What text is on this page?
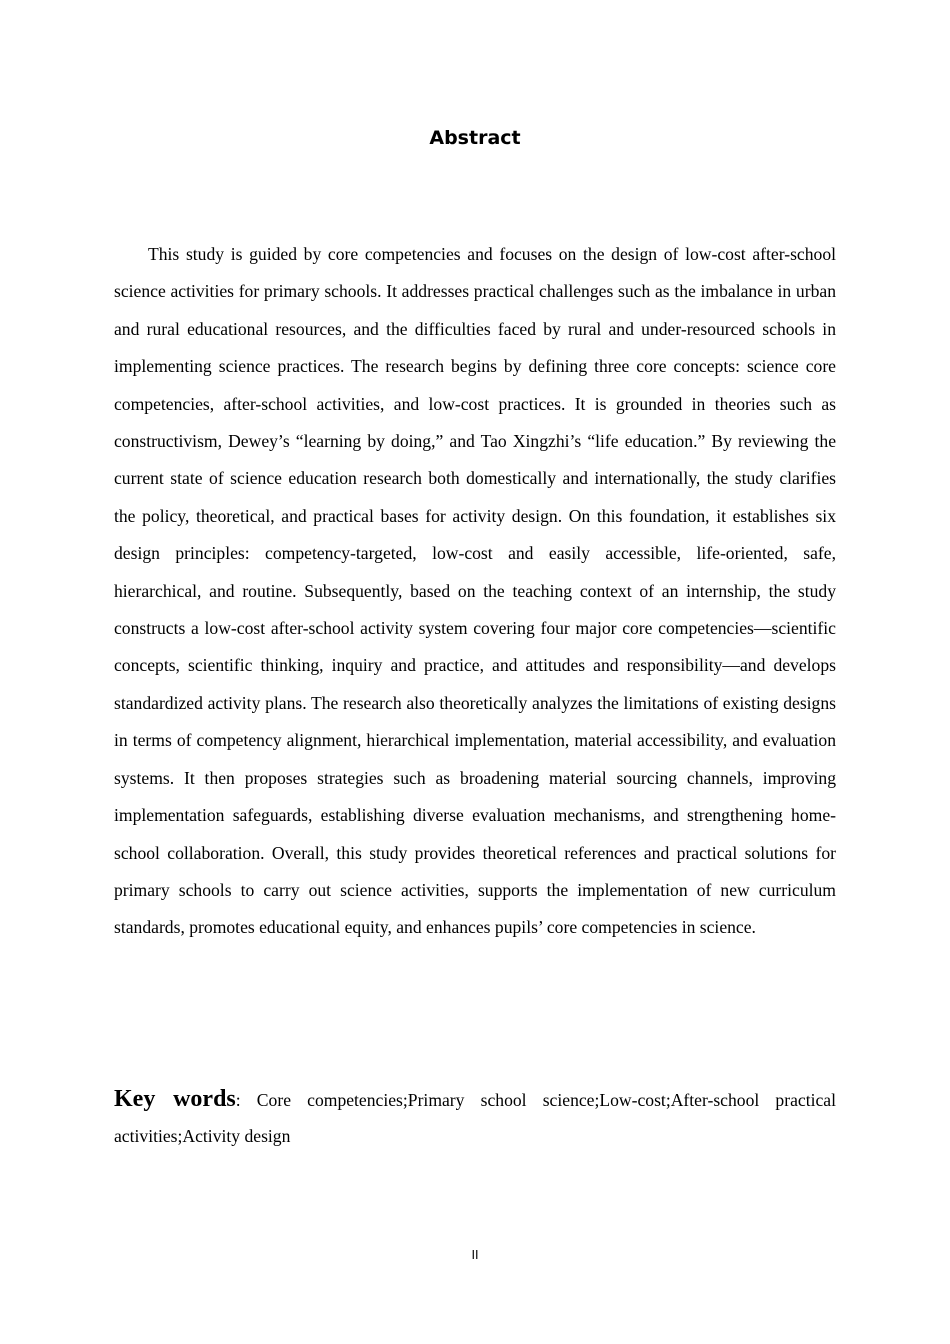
Abstract

This study is guided by core competencies and focuses on the design of low-cost after-school science activities for primary schools. It addresses practical challenges such as the imbalance in urban and rural educational resources, and the difficulties faced by rural and under-resourced schools in implementing science practices. The research begins by defining three core concepts: science core competencies, after-school activities, and low-cost practices. It is grounded in theories such as constructivism, Dewey’s “learning by doing,” and Tao Xingzhi’s “life education.” By reviewing the current state of science education research both domestically and internationally, the study clarifies the policy, theoretical, and practical bases for activity design. On this foundation, it establishes six design principles: competency-targeted, low-cost and easily accessible, life-oriented, safe, hierarchical, and routine. Subsequently, based on the teaching context of an internship, the study constructs a low-cost after-school activity system covering four major core competencies—scientific concepts, scientific thinking, inquiry and practice, and attitudes and responsibility—and develops standardized activity plans. The research also theoretically analyzes the limitations of existing designs in terms of competency alignment, hierarchical implementation, material accessibility, and evaluation systems. It then proposes strategies such as broadening material sourcing channels, improving implementation safeguards, establishing diverse evaluation mechanisms, and strengthening home-school collaboration. Overall, this study provides theoretical references and practical solutions for primary schools to carry out science activities, supports the implementation of new curriculum standards, promotes educational equity, and enhances pupils’ core competencies in science.

Key words: Core competencies;Primary school science;Low-cost;After-school practical activities;Activity design

II
